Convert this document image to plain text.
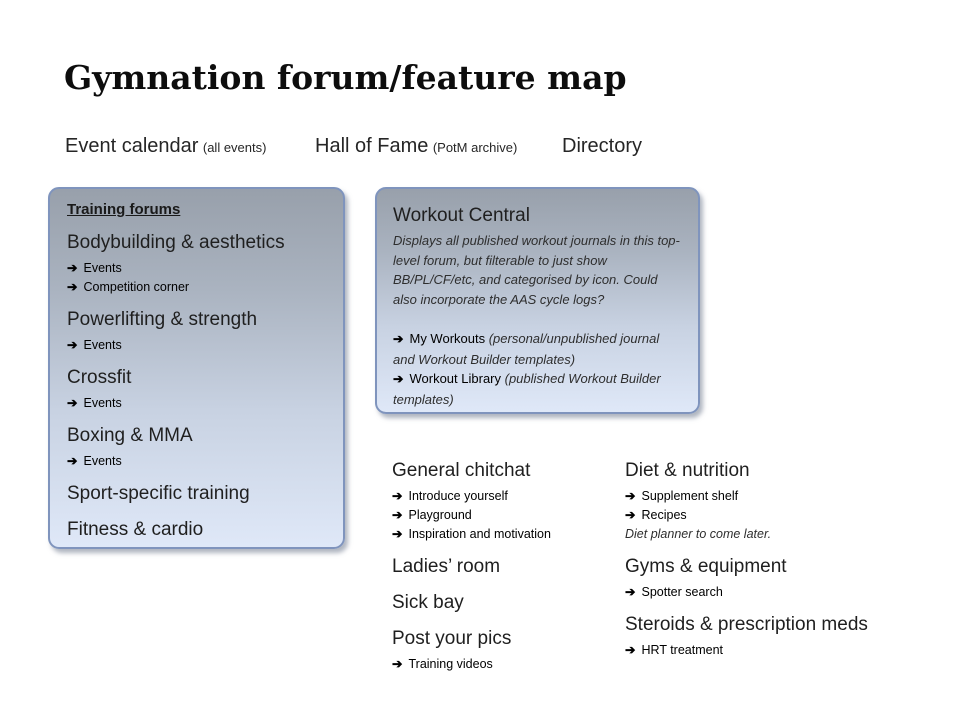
Gymnation forum/feature map
Event calendar (all events) Hall of Fame (PotM archive) Directory
Training forums
Bodybuilding & aesthetics
➔ Events
➔ Competition corner
Powerlifting & strength
➔ Events
Crossfit
➔ Events
Boxing & MMA
➔ Events
Sport-specific training
Fitness & cardio
Workout Central

Displays all published workout journals in this top-level forum, but filterable to just show BB/PL/CF/etc, and categorised by icon. Could also incorporate the AAS cycle logs?

➔ My Workouts (personal/unpublished journal and Workout Builder templates)

➔ Workout Library (published Workout Builder templates)

General chitchat
➔ Introduce yourself
➔ Playground
➔ Inspiration and motivation
Ladies’ room
Sick bay
Post your pics
➔ Training videos
Diet & nutrition
➔ Supplement shelf
➔ Recipes
Diet planner to come later.
Gyms & equipment
➔ Spotter search
Steroids & prescription meds
➔ HRT treatment
